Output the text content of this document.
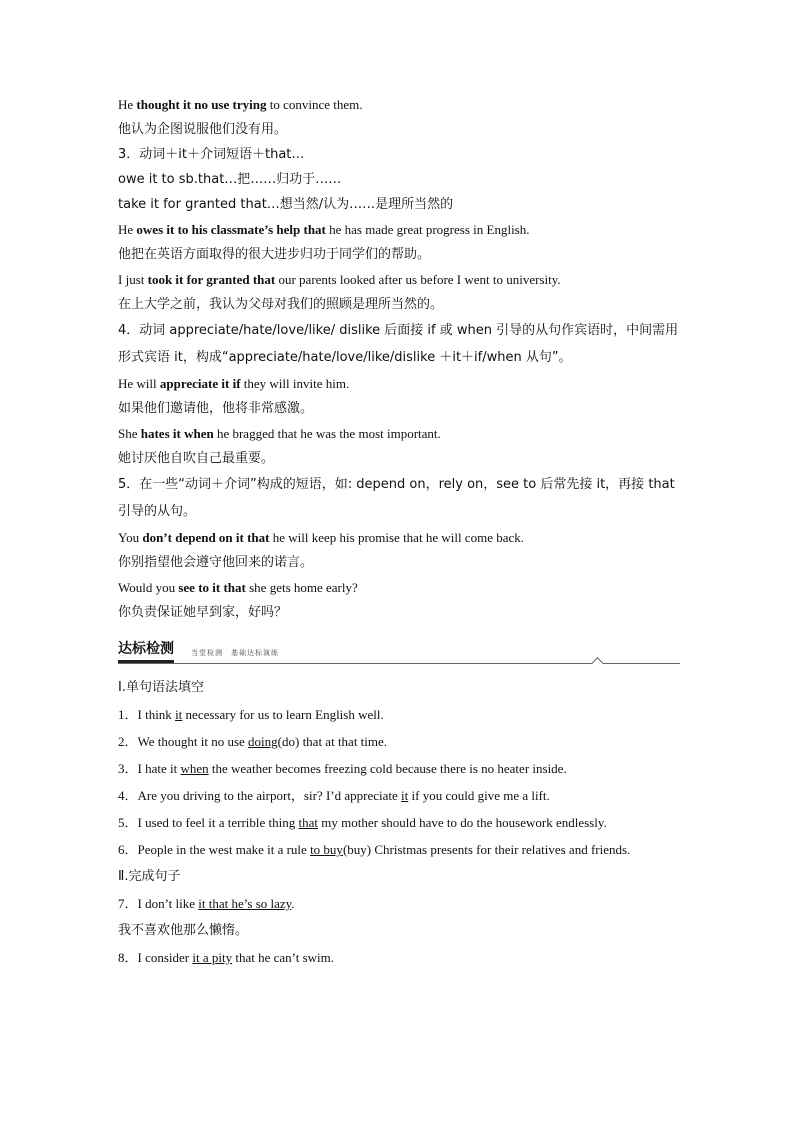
He thought it no use trying to convince them.

他认为企图说服他们没有用。

3．动词＋it＋介词短语＋that…

owe it to sb.that…把……归功于……

take it for granted that…想当然/认为……是理所当然的

He owes it to his classmate’s help that he has made great progress in English.

他把在英语方面取得的很大进步归功于同学们的帮助。

I just took it for granted that our parents looked after us before I went to university.

在上大学之前，我认为父母对我们的照顾是理所当然的。

4．动词 appreciate/hate/love/like/ dislike 后面接 if 或 when 引导的从句作宾语时，中间需用形式宾语 it，构成“appreciate/hate/love/like/dislike ＋it＋if/when 从句”。

He will appreciate it if they will invite him.

如果他们邀请他，他将非常感激。

She hates it when he bragged that he was the most important.

她讨厌他自吹自己最重要。

5．在一些“动词＋介词”构成的短语，如: depend on，rely on，see to 后常先接 it，再接 that 引导的从句。

You don’t depend on it that he will keep his promise that he will come back.

你别指望他会遵守他回来的诺言。

Would you see to it that she gets home early?

你负责保证她早到家，好吗？

达标检测 当堂检测　基础达标演练

Ⅰ.单句语法填空

1．I think it necessary for us to learn English well.

2．We thought it no use doing(do) that at that time.

3．I hate it when the weather becomes freezing cold because there is no heater inside.

4．Are you driving to the airport，sir? I’d appreciate it if you could give me a lift.

5．I used to feel it a terrible thing that my mother should have to do the housework endlessly.

6．People in the west make it a rule to buy(buy) Christmas presents for their relatives and friends.

Ⅱ.完成句子

7．I don’t like it that he’s so lazy.

我不喜欢他那么懒惰。

8．I consider it a pity that he can’t swim.
